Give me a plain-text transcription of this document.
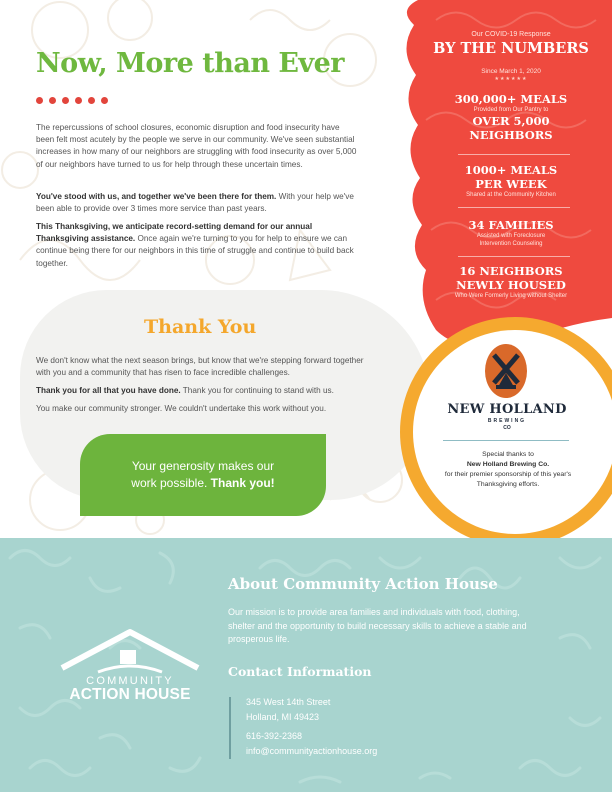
Now, More than Ever

The repercussions of school closures, economic disruption and food insecurity have been felt most acutely by the people we serve in our community. We've seen substantial increases in how many of our neighbors are struggling with food insecurity as over 5,000 of our neighbors have turned to us for help through these uncertain times.

You've stood with us, and together we've been there for them. With your help we've been able to provide over 3 times more service than past years.

This Thanksgiving, we anticipate record-setting demand for our annual Thanksgiving assistance. Once again we're turning to you for help to ensure we can continue being there for our neighbors in this time of struggle and continue to build back together.

Our COVID-19 Response
BY THE NUMBERS
Since March 1, 2020
★★★★★★
300,000+ MEALS
Provided from Our Pantry to
OVER 5,000
NEIGHBORS
1000+ MEALS
PER WEEK
Shared at the Community Kitchen
34 FAMILIES
Assisted with Foreclosure
Intervention Counseling
16 NEIGHBORS
NEWLY HOUSED
Who Were Formerly Living without Shelter
Thank You

We don't know what the next season brings, but know that we're stepping forward together with you and a community that has risen to face incredible challenges.

Thank you for all that you have done. Thank you for continuing to stand with us.

You make our community stronger. We couldn't undertake this work without you.

Your generosity makes our
work possible. Thank you!
NEW HOLLAND
BREWING
CO
Special thanks to
New Holland Brewing Co.
for their premier sponsorship of this year's Thanksgiving efforts.
COMMUNITY
ACTION HOUSE
About Community Action House

Our mission is to provide area families and individuals with food, clothing, shelter and the opportunity to build necessary skills to achieve a stable and prosperous life.

Contact Information
345 West 14th Street
Holland, MI 49423
616-392-2368
info@communityactionhouse.org
